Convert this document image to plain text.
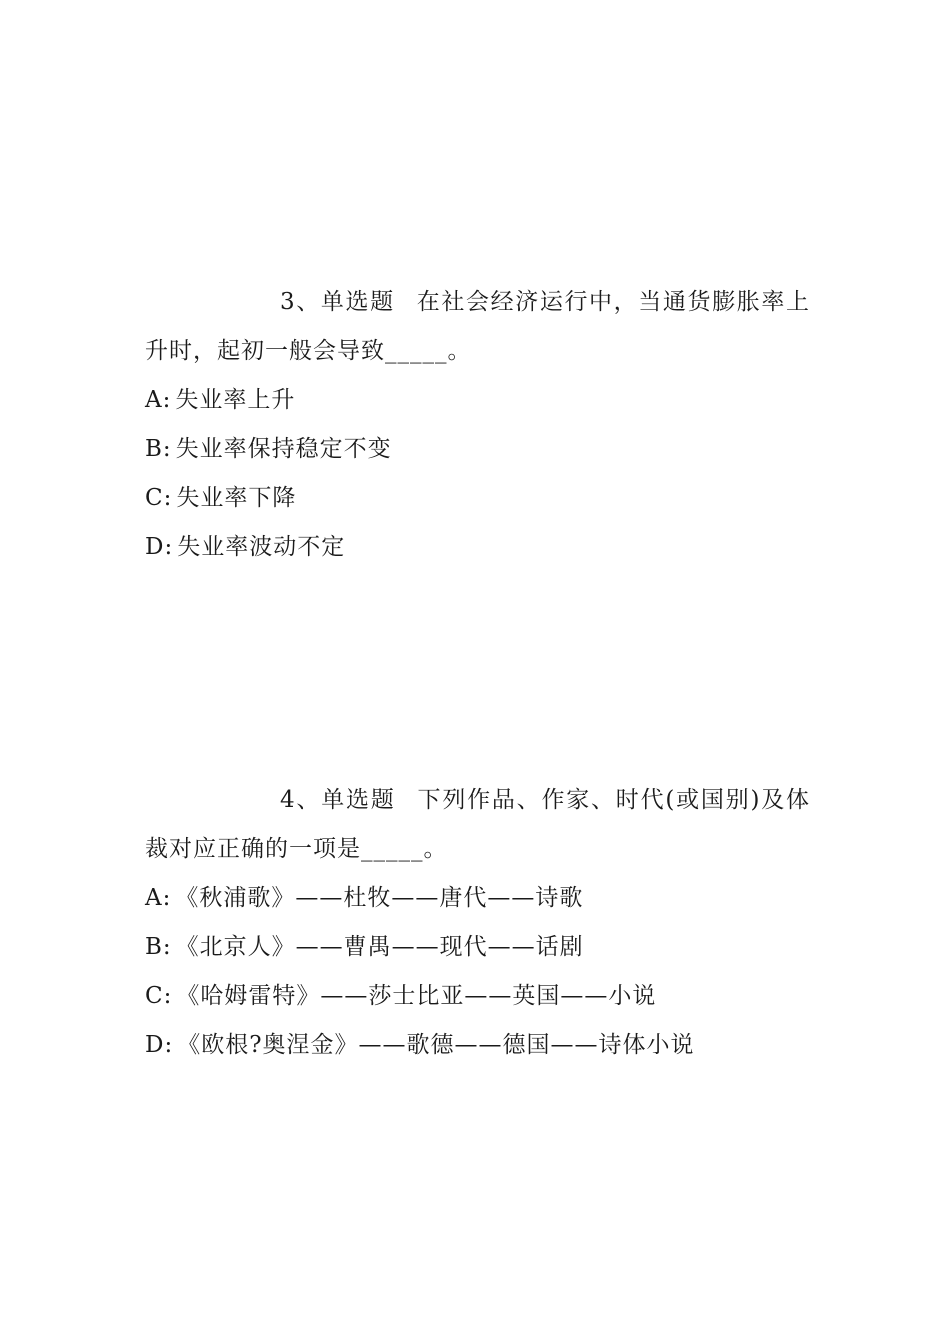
3、单选题 在社会经济运行中，当通货膨胀率上升时，起初一般会导致_____。

A: 失业率上升
B: 失业率保持稳定不变
C: 失业率下降
D: 失业率波动不定

4、单选题 下列作品、作家、时代(或国别)及体裁对应正确的一项是_____。

A: 《秋浦歌》——杜牧——唐代——诗歌
B: 《北京人》——曹禺——现代——话剧
C: 《哈姆雷特》——莎士比亚——英国——小说
D: 《欧根?奥涅金》——歌德——德国——诗体小说
